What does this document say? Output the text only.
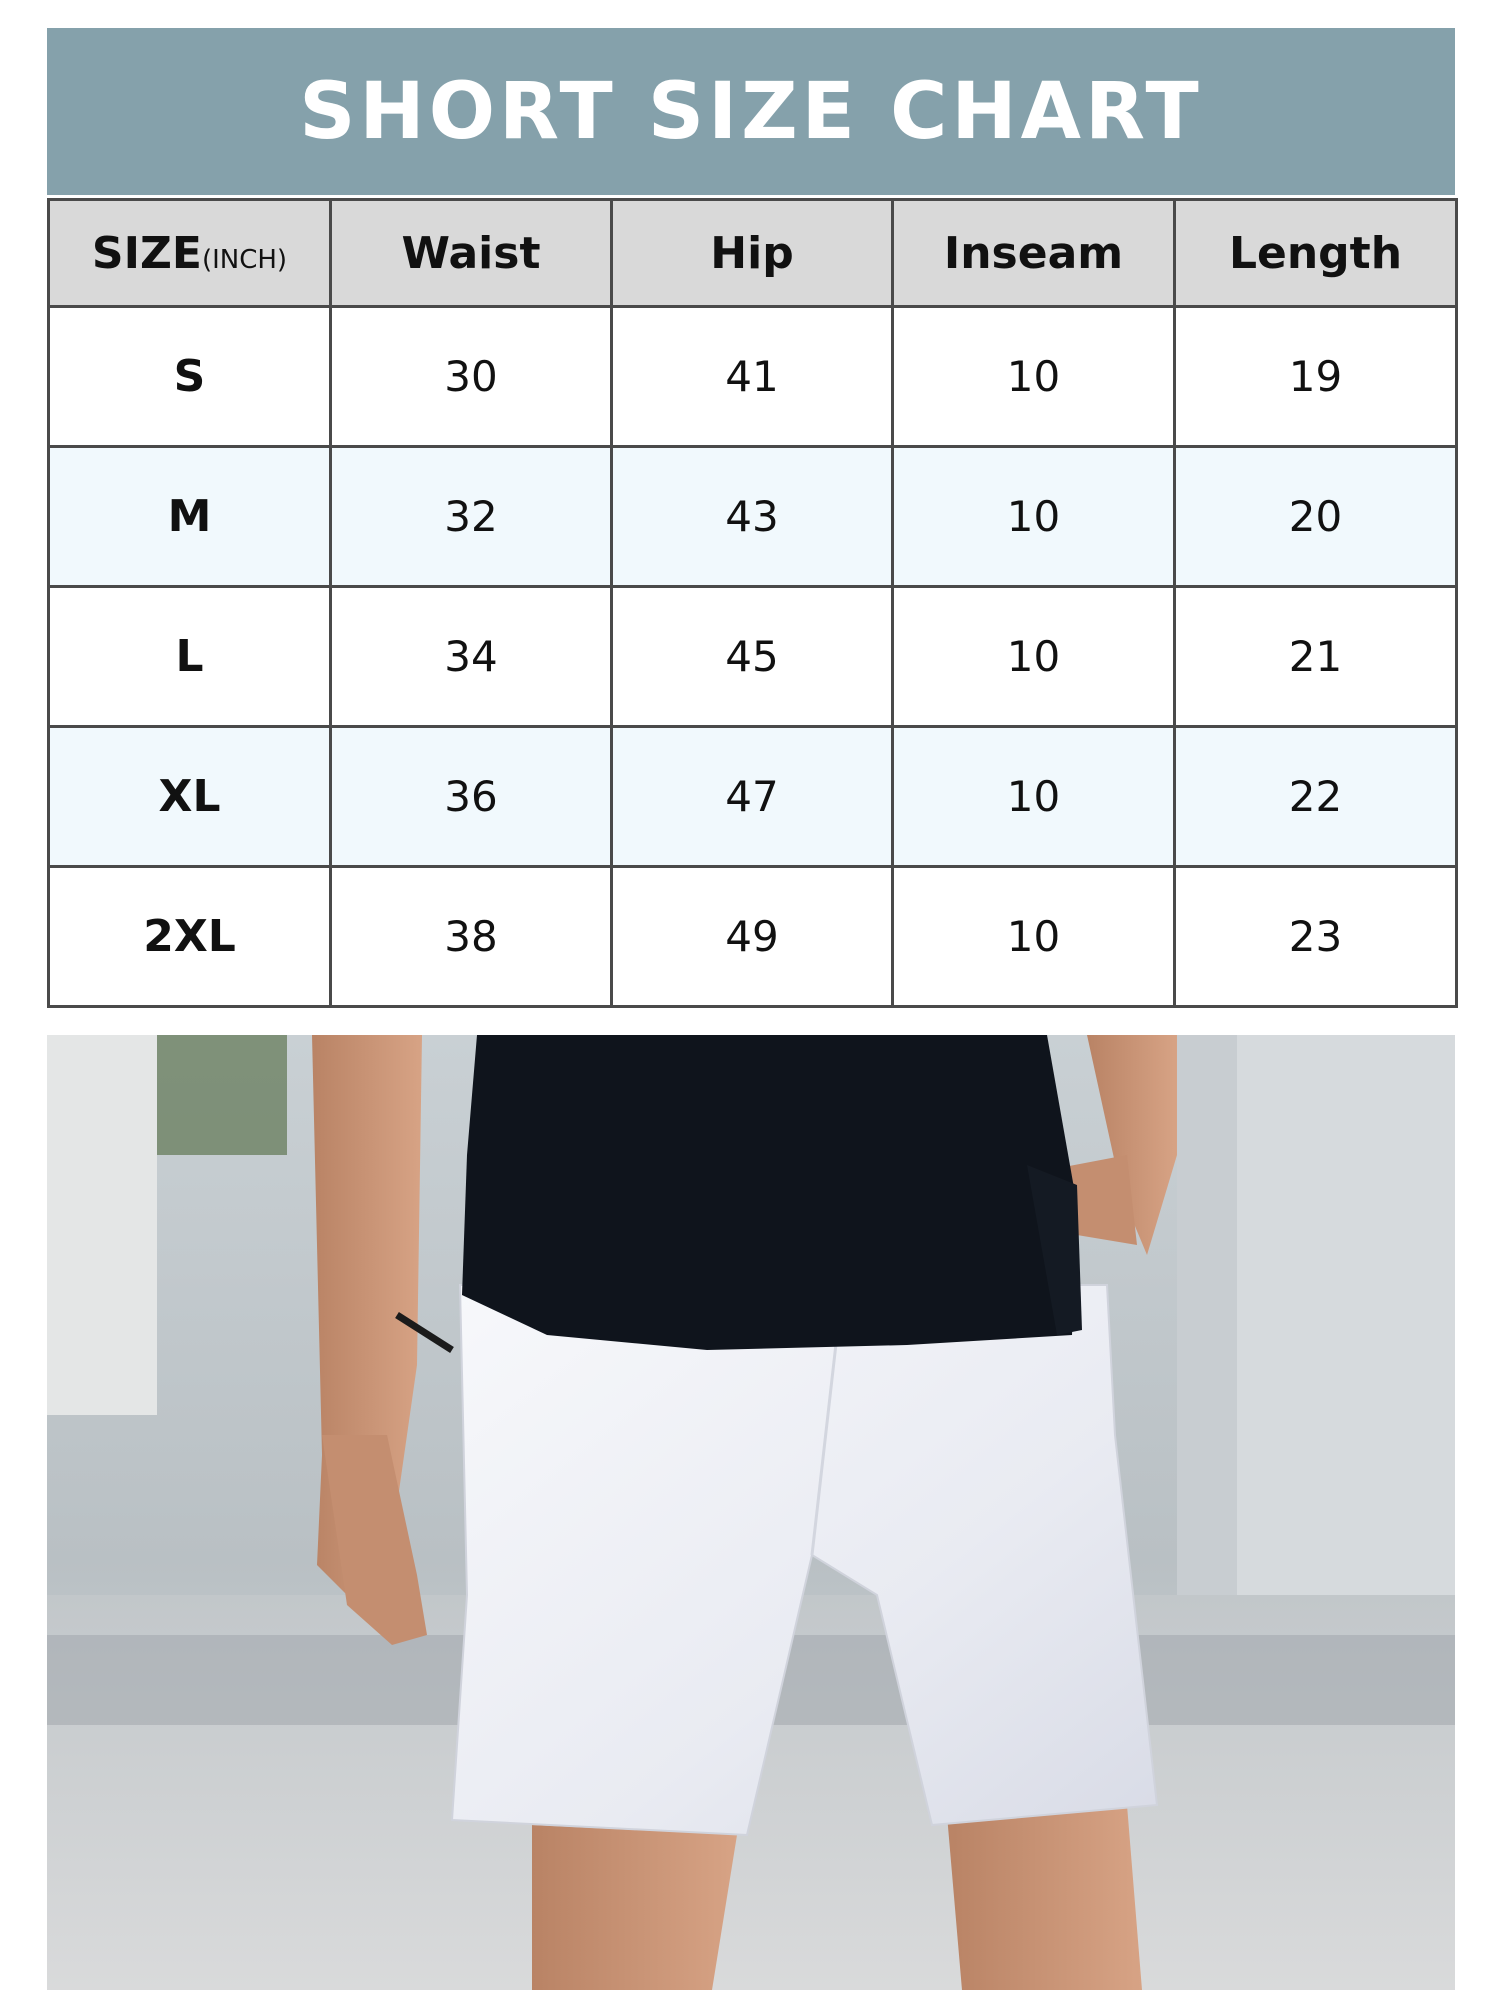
SHORT SIZE CHART
SIZE(INCH)	Waist	Hip	Inseam	Length
S	30	41	10	19
M	32	43	10	20
L	34	45	10	21
XL	36	47	10	22
2XL	38	49	10	23
